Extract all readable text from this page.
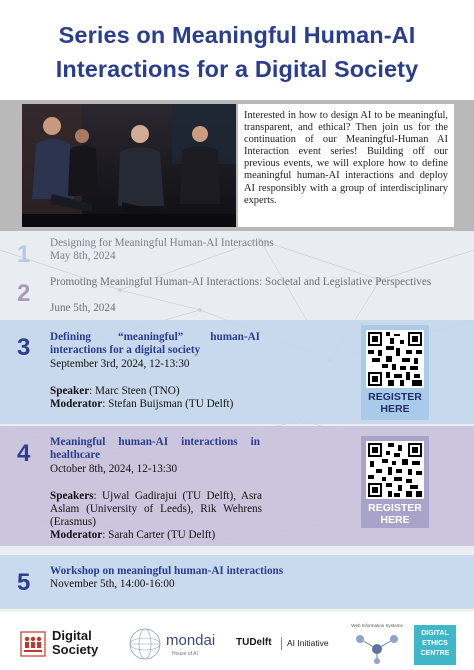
Series on Meaningful Human-AI
Interactions for a Digital Society

Interested in how to design AI to be meaningful, transparent, and ethical? Then join us for the continuation of our Meaningful-Human AI Interaction event series! Building off our previous events, we will explore how to define meaningful human-AI interactions and deploy AI responsibly with a group of interdisciplinary experts.

1 Designing for Meaningful Human-AI Interactions
May 8th, 2024
2 Promoting Meaningful Human-AI Interactions: Societal and Legislative Perspectives
June 5th, 2024
3 Defining “meaningful” human-AI interactions for a digital society
September 3rd, 2024, 12-13:30
Speaker: Marc Steen (TNO)
Moderator: Stefan Buijsman (TU Delft)
4 Meaningful human-AI interactions in healthcare
October 8th, 2024, 12-13:30
Speakers: Ujwal Gadirajui (TU Delft), Asra Aslam (University of Leeds), Rik Wehrens (Erasmus)
Moderator: Sarah Carter (TU Delft)
5 Workshop on meaningful human-AI interactions
November 5th, 14:00-16:00
REGISTER HERE
REGISTER HERE
Digital
Society
mondai
House of AI
TUDelft AI Initiative
Web Information Systems
DIGITAL
ETHICS
CENTRE
